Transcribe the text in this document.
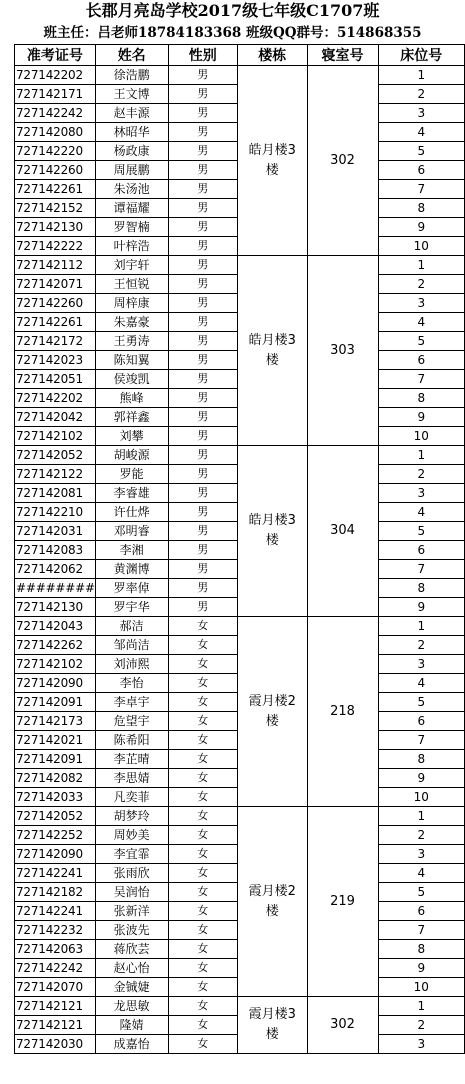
长郡月亮岛学校2017级七年级C1707班
班主任：吕老师18784183368 班级QQ群号：514868355
准考证号	姓名	性别	楼栋	寝室号	床位号
727142202	徐浩鹏	男	皓月楼3楼	302	1
727142171	王文博	男			2
727142242	赵丰源	男			3
727142080	林昭华	男			4
727142220	杨政康	男			5
727142260	周展鹏	男			6
727142261	朱汤池	男			7
727142152	谭福耀	男			8
727142130	罗智楠	男			9
727142222	叶梓浩	男			10
727142112	刘宇轩	男	皓月楼3楼	303	1
727142071	王恒锐	男			2
727142260	周梓康	男			3
727142261	朱嘉豪	男			4
727142172	王勇涛	男			5
727142023	陈知翼	男			6
727142051	侯竣凯	男			7
727142202	熊峰	男			8
727142042	郭祥鑫	男			9
727142102	刘攀	男			10
727142052	胡峻源	男	皓月楼3楼	304	1
727142122	罗能	男			2
727142081	李睿雄	男			3
727142210	许仕烨	男			4
727142031	邓明睿	男			5
727142083	李湘	男			6
727142062	黄渊博	男			7
########	罗率倬	男			8
727142130	罗宇华	男			9
727142043	郝洁	女	霞月楼2楼	218	1
727142262	邹尚洁	女			2
727142102	刘沛熙	女			3
727142090	李怡	女			4
727142091	李卓宇	女			5
727142173	危望宇	女			6
727142021	陈希阳	女			7
727142091	李芷晴	女			8
727142082	李思婧	女			9
727142033	凡奕菲	女			10
727142052	胡梦玲	女	霞月楼2楼	219	1
727142252	周妙美	女			2
727142090	李宜霏	女			3
727142241	张雨欣	女			4
727142182	吴润怡	女			5
727142241	张新洋	女			6
727142232	张波先	女			7
727142063	蒋欣芸	女			8
727142242	赵心怡	女			9
727142070	金铖婕	女			10
727142121	龙思敏	女	霞月楼3楼	302	1
727142121	隆婧	女			2
727142030	成嘉怡	女			3
